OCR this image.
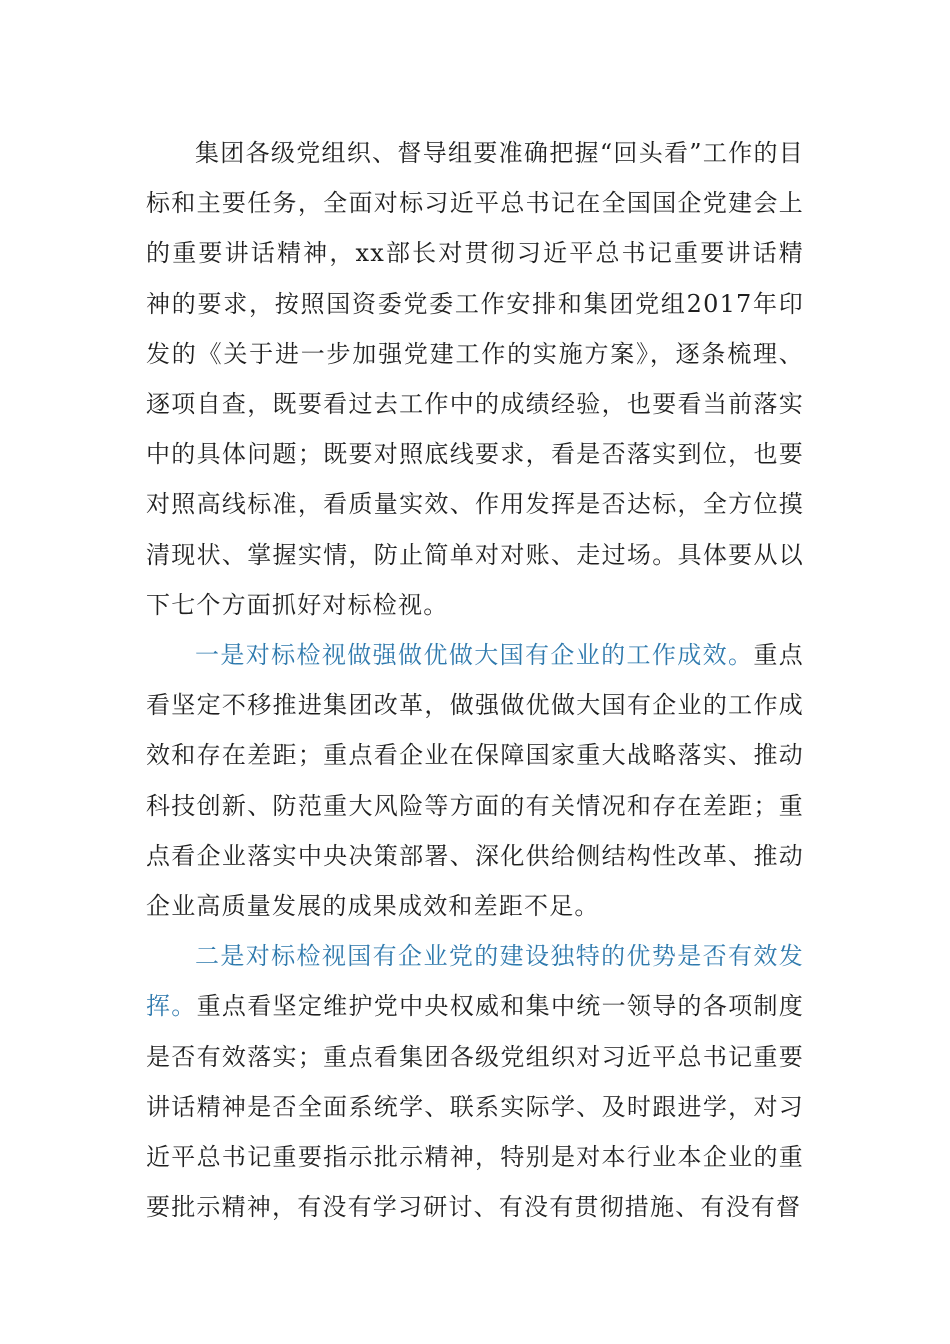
集团各级党组织、督导组要准确把握“回头看”工作的目标和主要任务，全面对标习近平总书记在全国国企党建会上的重要讲话精神，xx部长对贯彻习近平总书记重要讲话精神的要求，按照国资委党委工作安排和集团党组2017年印发的《关于进一步加强党建工作的实施方案》，逐条梳理、逐项自查，既要看过去工作中的成绩经验，也要看当前落实中的具体问题；既要对照底线要求，看是否落实到位，也要对照高线标准，看质量实效、作用发挥是否达标，全方位摸清现状、掌握实情，防止简单对对账、走过场。具体要从以下七个方面抓好对标检视。

一是对标检视做强做优做大国有企业的工作成效。重点看坚定不移推进集团改革，做强做优做大国有企业的工作成效和存在差距；重点看企业在保障国家重大战略落实、推动科技创新、防范重大风险等方面的有关情况和存在差距；重点看企业落实中央决策部署、深化供给侧结构性改革、推动企业高质量发展的成果成效和差距不足。

二是对标检视国有企业党的建设独特的优势是否有效发挥。重点看坚定维护党中央权威和集中统一领导的各项制度是否有效落实；重点看集团各级党组织对习近平总书记重要讲话精神是否全面系统学、联系实际学、及时跟进学，对习近平总书记重要指示批示精神，特别是对本行业本企业的重要批示精神，有没有学习研讨、有没有贯彻措施、有没有督
